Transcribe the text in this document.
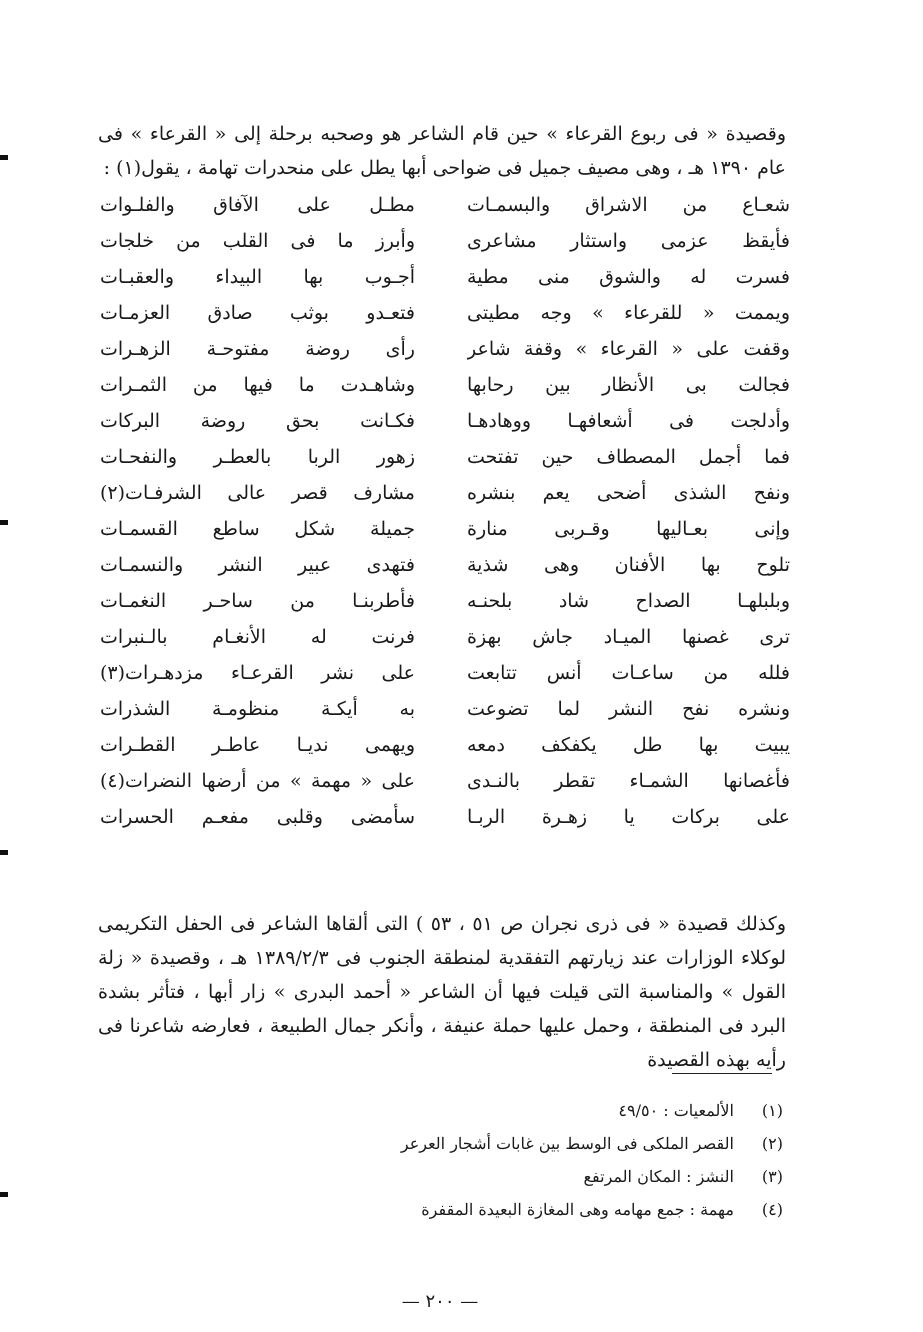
وقصيدة « فى ربوع القرعاء » حين قام الشاعر هو وصحبه برحلة إلى « القرعاء » فى عام ١٣٩٠ هـ ، وهى مصيف جميل فى ضواحى أبها يطل على منحدرات تهامة ، يقول(١) :

شعـاع من الاشراق والبسمـات
مطـل على الآفاق والفلـوات
فأيقظ عزمى واستثار مشاعرى
وأبرز ما فى القلب من خلجات
فسرت له والشوق منى مطية
أجـوب بها البيداء والعقبـات
ويممت « للقرعاء » وجه مطيتى
فتعـدو بوثب صادق العزمـات
وقفت على « القرعاء » وقفة شاعر
رأى روضة مفتوحـة الزهـرات
فجالت بى الأنظار بين رحابها
وشاهـدت ما فيها من الثمـرات
وأدلجت فى أشعافهـا ووهادهـا
فكـانت بحق روضة البركات
فما أجمل المصطاف حين تفتحت
زهور الربا بالعطـر والنفحـات
ونفح الشذى أضحى يعم بنشره
مشارف قصر عالى الشرفـات(٢)
وإنى بعـاليها وقـربى منارة
جميلة شكل ساطع القسمـات
تلوح بها الأفنان وهى شذية
فتهدى عبير النشر والنسمـات
وبلبلهـا الصداح شاد بلحنـه
فأطربنـا من ساحـر النغمـات
ترى غصنها الميـاد جاش بهزة
فرنت له الأنغـام بالـنبرات
فلله من ساعـات أنس تتابعت
على نشر القرعـاء مزدهـرات(٣)
ونشره نفح النشر لما تضوعت
به أيكـة منظومـة الشذرات
يبيت بها طل يكفكف دمعه
ويهمى نديـا عاطـر القطـرات
فأغصانها الشمـاء تقطر بالنـدى
على « مهمة » من أرضها النضرات(٤)
على بركات يا زهـرة الربـا
سأمضى وقلبى مفعـم الحسرات

وكذلك قصيدة « فى ذرى نجران ص ٥١ ، ٥٣ ) التى ألقاها الشاعر فى الحفل التكريمى لوكلاء الوزارات عند زيارتهم التفقدية لمنطقة الجنوب فى ١٣٨٩/٢/٣ هـ ، وقصيدة « زلة القول » والمناسبة التى قيلت فيها أن الشاعر « أحمد البدرى » زار أبها ، فتأثر بشدة البرد فى المنطقة ، وحمل عليها حملة عنيفة ، وأنكر جمال الطبيعة ، فعارضه شاعرنا فى رأيه بهذه القصيدة

(١) الألمعيات : ٤٩/٥٠
(٢) القصر الملكى فى الوسط بين غابات أشجار العرعر
(٣) النشز : المكان المرتفع
(٤) مهمة : جمع مهامه وهى المغازة البعيدة المقفرة
— ٢٠٠ —
